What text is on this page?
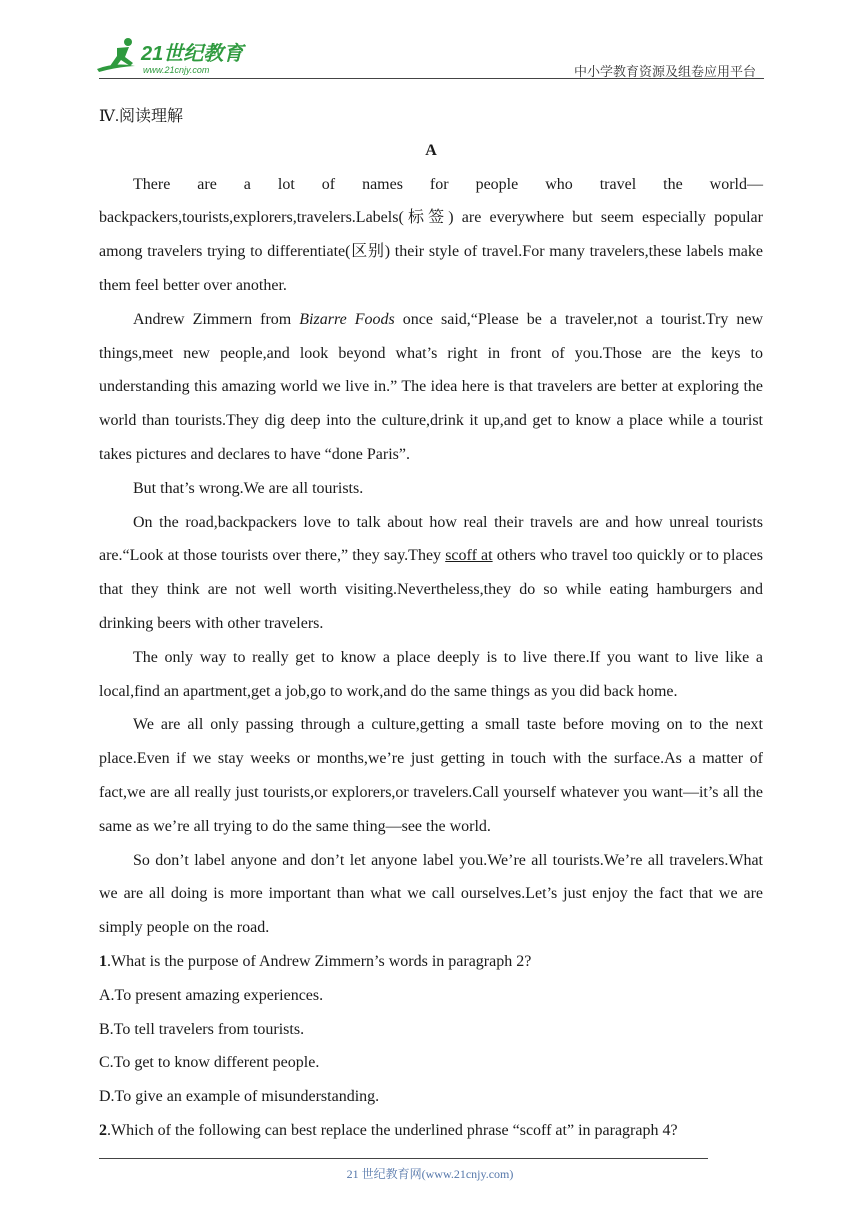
21世纪教育
www.21cnjy.com	中小学教育资源及组卷应用平台

Ⅳ.阅读理解

A

There are a lot of names for people who travel the world—backpackers,tourists,explorers,travelers.Labels(标签) are everywhere but seem especially popular among travelers trying to differentiate(区别) their style of travel.For many travelers,these labels make them feel better over another.

Andrew Zimmern from Bizarre Foods once said,“Please be a traveler,not a tourist.Try new things,meet new people,and look beyond what’s right in front of you.Those are the keys to understanding this amazing world we live in.” The idea here is that travelers are better at exploring the world than tourists.They dig deep into the culture,drink it up,and get to know a place while a tourist takes pictures and declares to have “done Paris”.

But that’s wrong.We are all tourists.

On the road,backpackers love to talk about how real their travels are and how unreal tourists are.“Look at those tourists over there,” they say.They scoff at others who travel too quickly or to places that they think are not well worth visiting.Nevertheless,they do so while eating hamburgers and drinking beers with other travelers.

The only way to really get to know a place deeply is to live there.If you want to live like a local,find an apartment,get a job,go to work,and do the same things as you did back home.

We are all only passing through a culture,getting a small taste before moving on to the next place.Even if we stay weeks or months,we’re just getting in touch with the surface.As a matter of fact,we are all really just tourists,or explorers,or travelers.Call yourself whatever you want—it’s all the same as we’re all trying to do the same thing—see the world.

So don’t label anyone and don’t let anyone label you.We’re all tourists.We’re all travelers.What we are all doing is more important than what we call ourselves.Let’s just enjoy the fact that we are simply people on the road.

1.What is the purpose of Andrew Zimmern’s words in paragraph 2?

A.To present amazing experiences.

B.To tell travelers from tourists.

C.To get to know different people.

D.To give an example of misunderstanding.

2.Which of the following can best replace the underlined phrase “scoff at” in paragraph 4?

21 世纪教育网(www.21cnjy.com)
